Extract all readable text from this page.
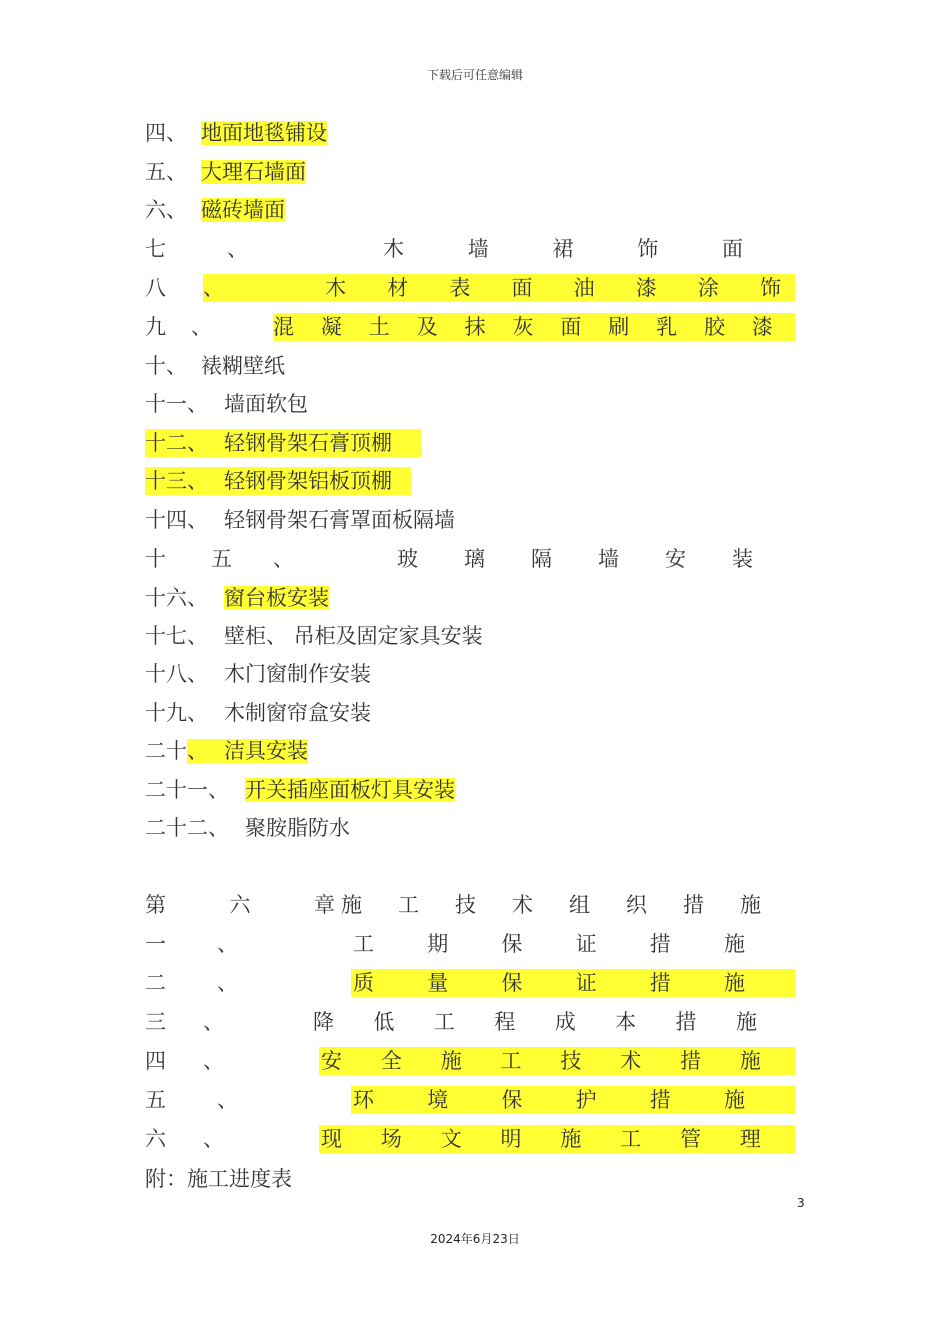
下载后可任意编辑
四、 地面地毯铺设
五、 大理石墙面
六、 磁砖墙面
七	、	木	墙	裙	饰	面
八 、	木 材 表 面 油 漆 涂 饰
九 、	混 凝 土 及 抹 灰 面 刷 乳 胶 漆
十、 裱糊壁纸
十一、 墙面软包
十二、 轻钢骨架石膏顶棚
十三、 轻钢骨架铝板顶棚
十四、 轻钢骨架石膏罩面板隔墙
十 五 、	玻 璃 隔 墙 安 装
十六、 窗台板安装
十七、 壁柜、 吊柜及固定家具安装
十八、 木门窗制作安装
十九、 木制窗帘盒安装
二十、 洁具安装
二十一、 开关插座面板灯具安装
二十二、 聚胺脂防水
第	六	章 施 工 技 术 组 织 措 施
一 、	工	期	保	证	措	施
二 、	质	量	保	证	措	施
三 、	降 低 工 程 成 本 措 施
四 、	安 全 施 工 技 术 措 施
五 、	环	境	保	护	措	施
六 、	现 场 文 明 施 工 管 理
附：施工进度表
3
2024年6月23日
